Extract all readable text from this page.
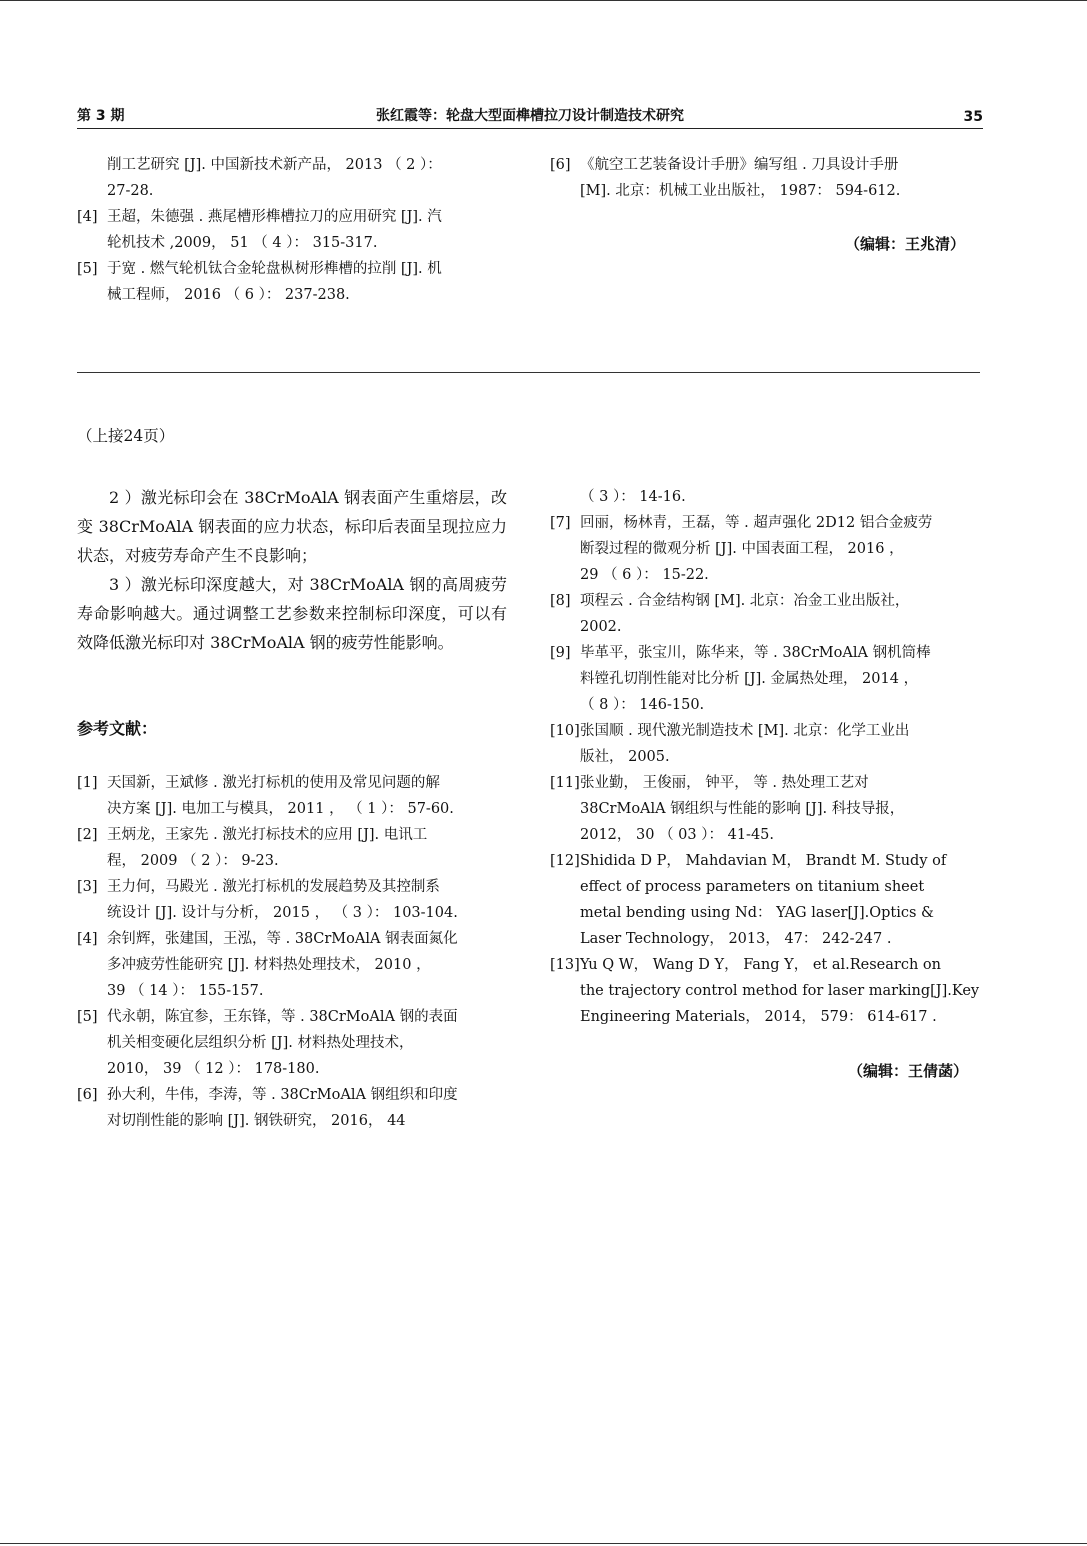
第 3 期	张红霞等：轮盘大型面榫槽拉刀设计制造技术研究	35
削工艺研究 [J]. 中国新技术新产品， 2013 （ 2 ）：
27-28.
[4] 王超，朱德强 . 燕尾槽形榫槽拉刀的应用研究 [J]. 汽
轮机技术 ,2009， 51 （ 4 ）： 315-317.
[5] 于宽 . 燃气轮机钛合金轮盘枞树形榫槽的拉削 [J]. 机
械工程师， 2016 （ 6 ）： 237-238.
[6] 《航空工艺装备设计手册》编写组 . 刀具设计手册
[M]. 北京：机械工业出版社， 1987： 594-612.
（编辑：王兆清）
（上接24页）

2 ）激光标印会在 38CrMoAlA 钢表面产生重熔层，改变 38CrMoAlA 钢表面的应力状态，标印后表面呈现拉应力状态，对疲劳寿命产生不良影响；

3 ）激光标印深度越大，对 38CrMoAlA 钢的高周疲劳寿命影响越大。通过调整工艺参数来控制标印深度，可以有效降低激光标印对 38CrMoAlA 钢的疲劳性能影响。

参考文献：
[1] 天国新，王斌修 . 激光打标机的使用及常见问题的解
决方案 [J]. 电加工与模具， 2011 ， （ 1 ）： 57-60.
[2] 王炳龙，王家先 . 激光打标技术的应用 [J]. 电讯工
程， 2009 （ 2 ）： 9-23.
[3] 王力何，马殿光 . 激光打标机的发展趋势及其控制系
统设计 [J]. 设计与分析， 2015 ， （ 3 ）： 103-104.
[4] 余钊辉，张建国，王泓，等 . 38CrMoAlA 钢表面氮化
多冲疲劳性能研究 [J]. 材料热处理技术， 2010 ，
39 （ 14 ）： 155-157.
[5] 代永朝，陈宜参，王东锋，等 . 38CrMoAlA 钢的表面
机关相变硬化层组织分析 [J]. 材料热处理技术，
2010， 39 （ 12 ）： 178-180.
[6] 孙大利，牛伟，李涛，等 . 38CrMoAlA 钢组织和印度
对切削性能的影响 [J]. 钢铁研究， 2016， 44
（ 3 ）： 14-16.
[7] 回丽，杨林青，王磊，等 . 超声强化 2D12 铝合金疲劳
断裂过程的微观分析 [J]. 中国表面工程， 2016 ，
29 （ 6 ）： 15-22.
[8] 项程云 . 合金结构钢 [M]. 北京：冶金工业出版社，
2002.
[9] 毕革平，张宝川，陈华来，等 . 38CrMoAlA 钢机筒棒
料镗孔切削性能对比分析 [J]. 金属热处理， 2014 ，
（ 8 ）： 146-150.
[10] 张国顺 . 现代激光制造技术 [M]. 北京：化学工业出
版社， 2005.
[11] 张业勤， 王俊丽， 钟平， 等 . 热处理工艺对
38CrMoAlA 钢组织与性能的影响 [J]. 科技导报，
2012， 30 （ 03 ）： 41-45.
[12] Shidida D P， Mahdavian M， Brandt M. Study of
effect of process parameters on titanium sheet
metal bending using Nd： YAG laser[J].Optics &
Laser Technology， 2013， 47： 242-247 .
[13] Yu Q W， Wang D Y， Fang Y， et al.Research on
the trajectory control method for laser marking[J].Key
Engineering Materials， 2014， 579： 614-617 .
（编辑：王倩菡）
